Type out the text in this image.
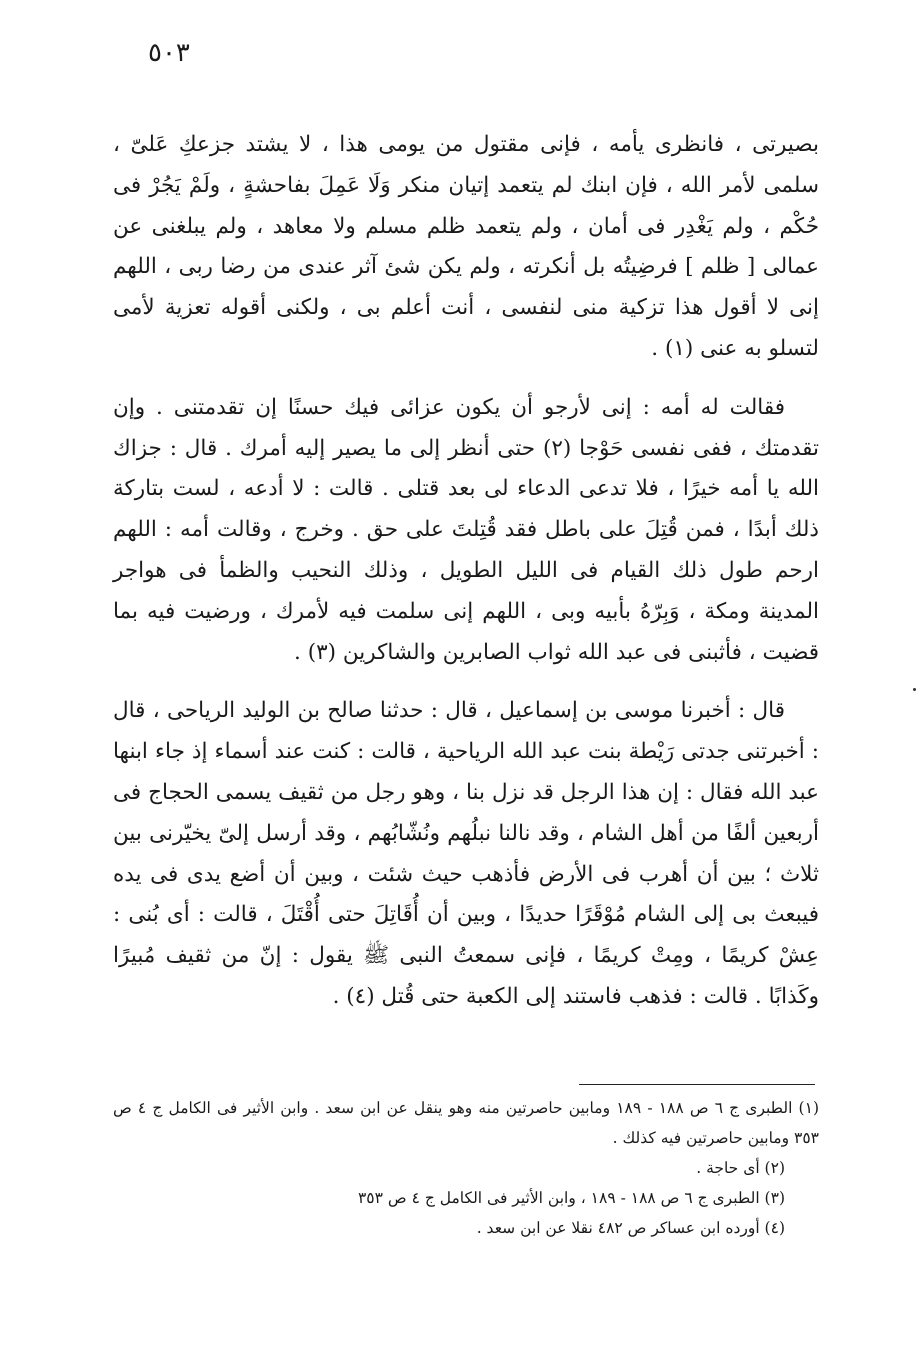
٥٠٣

بصيرتى ، فانظرى يأمه ، فإنى مقتول من يومى هذا ، لا يشتد جزعكِ عَلىّ ، سلمى لأمر الله ، فإن ابنك لم يتعمد إتيان منكر وَلَا عَمِلَ بفاحشةٍ ، ولَمْ يَجُرْ فى حُكْم ، ولم يَغْدِر فى أمان ، ولم يتعمد ظلم مسلم ولا معاهد ، ولم يبلغنى عن عمالى [ ظلم ] فرضِيتُه بل أنكرته ، ولم يكن شئ آثر عندى من رضا ربى ، اللهم إنى لا أقول هذا تزكية منى لنفسى ، أنت أعلم بى ، ولكنى أقوله تعزية لأمى لتسلو به عنى (١) .

فقالت له أمه : إنى لأرجو أن يكون عزائى فيك حسنًا إن تقدمتنى . وإن تقدمتك ، ففى نفسى حَوْجا (٢) حتى أنظر إلى ما يصير إليه أمرك . قال : جزاك الله يا أمه خيرًا ، فلا تدعى الدعاء لى بعد قتلى . قالت : لا أدعه ، لست بتاركة ذلك أبدًا ، فمن قُتِلَ على باطل فقد قُتِلتَ على حق . وخرج ، وقالت أمه : اللهم ارحم طول ذلك القيام فى الليل الطويل ، وذلك النحيب والظمأ فى هواجر المدينة ومكة ، وَبِرّهُ بأبيه وبى ، اللهم إنى سلمت فيه لأمرك ، ورضيت فيه بما قضيت ، فأثبنى فى عبد الله ثواب الصابرين والشاكرين (٣) .

قال : أخبرنا موسى بن إسماعيل ، قال : حدثنا صالح بن الوليد الرياحى ، قال : أخبرتنى جدتى رَيْطة بنت عبد الله الرياحية ، قالت : كنت عند أسماء إذ جاء ابنها عبد الله فقال : إن هذا الرجل قد نزل بنا ، وهو رجل من ثقيف يسمى الحجاج فى أربعين ألفًا من أهل الشام ، وقد نالنا نبلُهم ونُشّابُهم ، وقد أرسل إلىّ يخيّرنى بين ثلاث ؛ بين أن أهرب فى الأرض فأذهب حيث شئت ، وبين أن أضع يدى فى يده فيبعث بى إلى الشام مُوْقَرًا حديدًا ، وبين أن أُقَاتِلَ حتى أُقْتَلَ ، قالت : أى بُنى : عِشْ كريمًا ، ومِتْ كريمًا ، فإنى سمعتُ النبى ﷺ يقول : إنّ من ثقيف مُبيرًا وكَذابًا . قالت : فذهب فاستند إلى الكعبة حتى قُتل (٤) .

(١) الطبرى ج ٦ ص ١٨٨ - ١٨٩ ومابين حاصرتين منه وهو ينقل عن ابن سعد . وابن الأثير فى الكامل ج ٤ ص ٣٥٣ ومابين حاصرتين فيه كذلك .

(٢) أى حاجة .

(٣) الطبرى ج ٦ ص ١٨٨ - ١٨٩ ، وابن الأثير فى الكامل ج ٤ ص ٣٥٣

(٤) أورده ابن عساكر ص ٤٨٢ نقلا عن ابن سعد .
